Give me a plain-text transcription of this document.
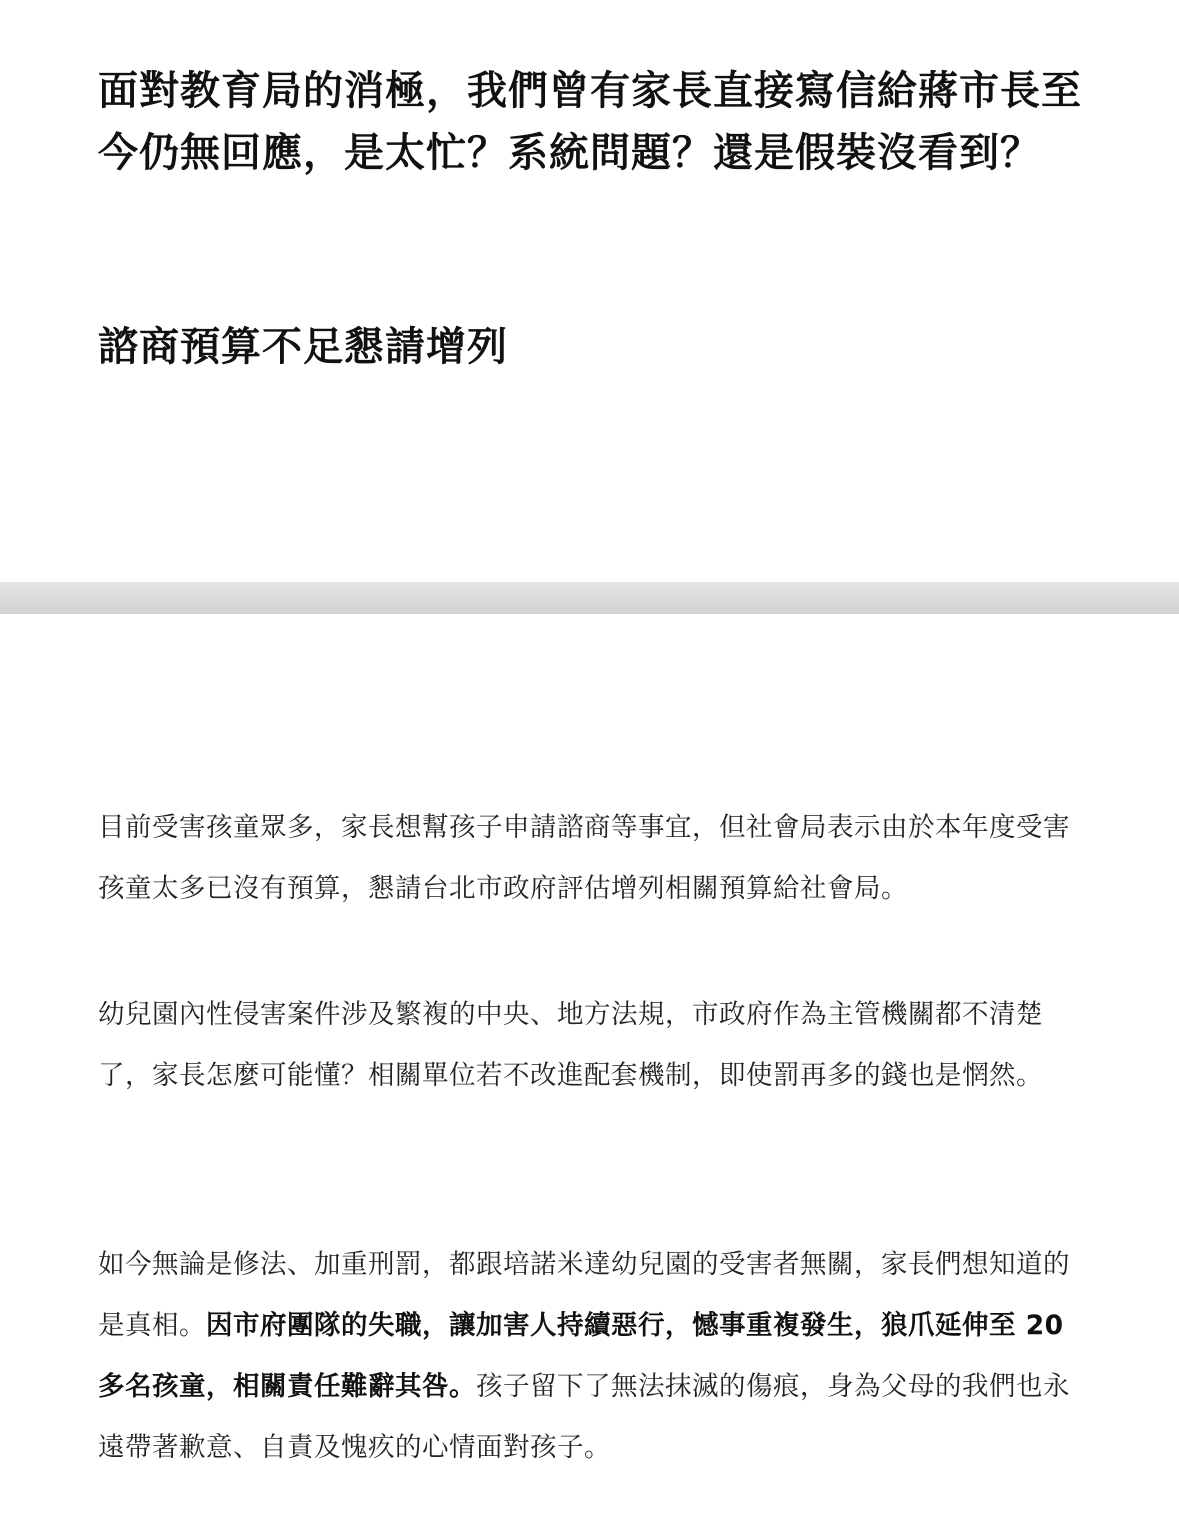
面對教育局的消極，我們曾有家長直接寫信給蔣市長至今仍無回應，是太忙？系統問題？還是假裝沒看到？
諮商預算不足懇請增列

目前受害孩童眾多，家長想幫孩子申請諮商等事宜，但社會局表示由於本年度受害孩童太多已沒有預算，懇請台北市政府評估增列相關預算給社會局。

幼兒園內性侵害案件涉及繁複的中央、地方法規，市政府作為主管機關都不清楚了，家長怎麼可能懂？相關單位若不改進配套機制，即使罰再多的錢也是惘然。

如今無論是修法、加重刑罰，都跟培諾米達幼兒園的受害者無關，家長們想知道的是真相。因市府團隊的失職，讓加害人持續惡行，憾事重複發生，狼爪延伸至 20 多名孩童，相關責任難辭其咎。孩子留下了無法抹滅的傷痕，身為父母的我們也永遠帶著歉意、自責及愧疚的心情面對孩子。
